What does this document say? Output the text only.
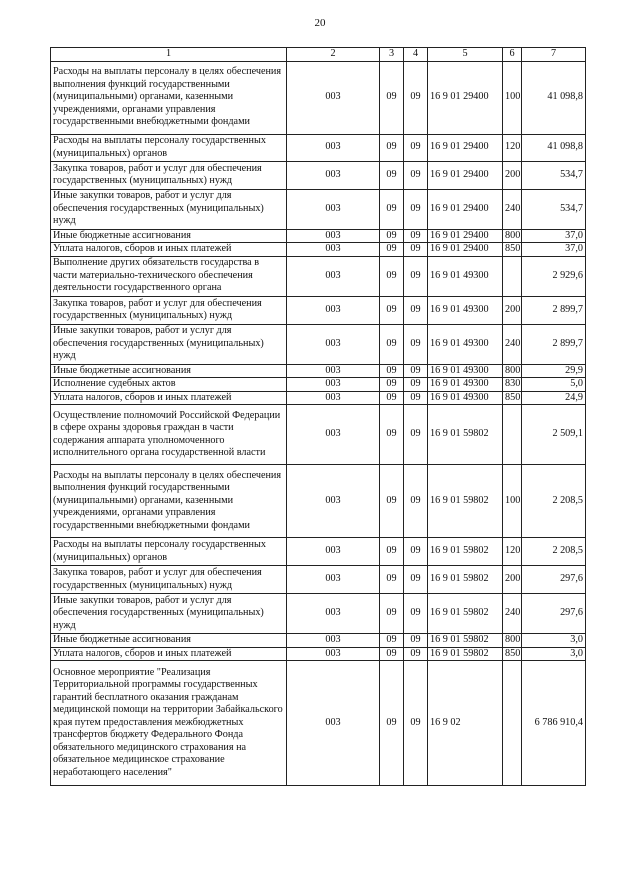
20
1	2	3	4	5	6	7
Расходы на выплаты персоналу в целях обеспечения выполнения функций государственными (муниципальными) органами, казенными учреждениями, органами управления государственными внебюджетными фондами	003	09	09	16 9 01 29400	100	41 098,8
Расходы на выплаты персоналу государственных (муниципальных) органов	003	09	09	16 9 01 29400	120	41 098,8
Закупка товаров, работ и услуг для обеспечения государственных (муниципальных) нужд	003	09	09	16 9 01 29400	200	534,7
Иные закупки товаров, работ и услуг для обеспечения государственных (муниципальных) нужд	003	09	09	16 9 01 29400	240	534,7
Иные бюджетные ассигнования	003	09	09	16 9 01 29400	800	37,0
Уплата налогов, сборов и иных платежей	003	09	09	16 9 01 29400	850	37,0
Выполнение других обязательств государства в части материально-технического обеспечения деятельности государственного органа	003	09	09	16 9 01 49300		2 929,6
Закупка товаров, работ и услуг для обеспечения государственных (муниципальных) нужд	003	09	09	16 9 01 49300	200	2 899,7
Иные закупки товаров, работ и услуг для обеспечения государственных (муниципальных) нужд	003	09	09	16 9 01 49300	240	2 899,7
Иные бюджетные ассигнования	003	09	09	16 9 01 49300	800	29,9
Исполнение судебных актов	003	09	09	16 9 01 49300	830	5,0
Уплата налогов, сборов и иных платежей	003	09	09	16 9 01 49300	850	24,9
Осуществление полномочий Российской Федерации в сфере охраны здоровья граждан в части содержания аппарата уполномоченного исполнительного органа государственной власти	003	09	09	16 9 01 59802		2 509,1
Расходы на выплаты персоналу в целях обеспечения выполнения функций государственными (муниципальными) органами, казенными учреждениями, органами управления государственными внебюджетными фондами	003	09	09	16 9 01 59802	100	2 208,5
Расходы на выплаты персоналу государственных (муниципальных) органов	003	09	09	16 9 01 59802	120	2 208,5
Закупка товаров, работ и услуг для обеспечения государственных (муниципальных) нужд	003	09	09	16 9 01 59802	200	297,6
Иные закупки товаров, работ и услуг для обеспечения государственных (муниципальных) нужд	003	09	09	16 9 01 59802	240	297,6
Иные бюджетные ассигнования	003	09	09	16 9 01 59802	800	3,0
Уплата налогов, сборов и иных платежей	003	09	09	16 9 01 59802	850	3,0
Основное мероприятие "Реализация Территориальной программы государственных гарантий бесплатного оказания гражданам медицинской помощи на территории Забайкальского края путем предоставления межбюджетных трансфертов бюджету Федерального Фонда обязательного медицинского страхования на обязательное медицинское страхование неработающего населения"	003	09	09	16 9 02		6 786 910,4
